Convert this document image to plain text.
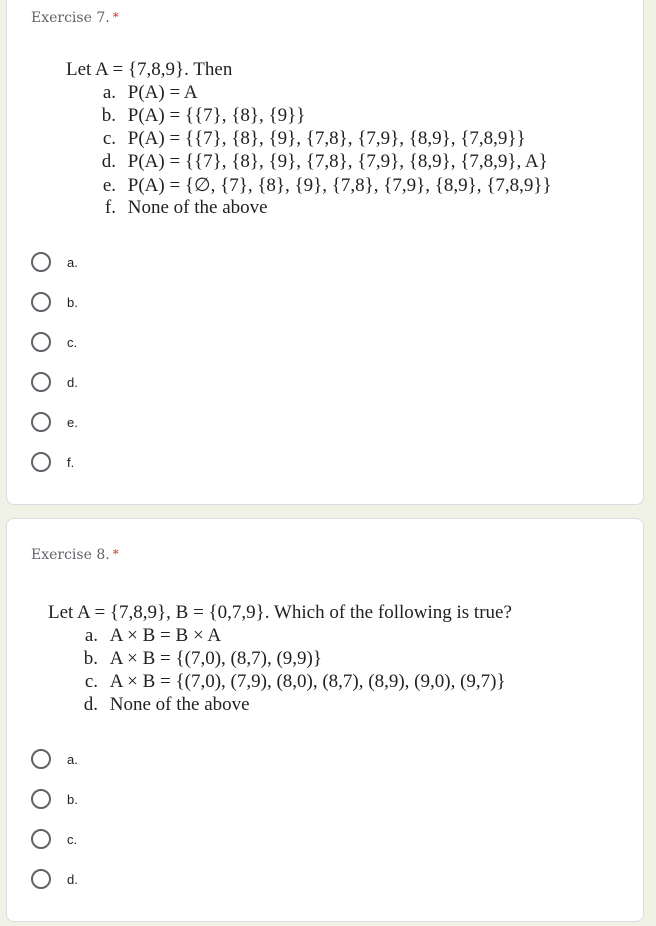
Exercise 7. *
Let A = {7,8,9}. Then
a. P(A) = A
b. P(A) = {{7}, {8}, {9}}
c. P(A) = {{7}, {8}, {9}, {7,8}, {7,9}, {8,9}, {7,8,9}}
d. P(A) = {{7}, {8}, {9}, {7,8}, {7,9}, {8,9}, {7,8,9}, A}
e. P(A) = {∅, {7}, {8}, {9}, {7,8}, {7,9}, {8,9}, {7,8,9}}
f. None of the above
a.
b.
c.
d.
e.
f.
Exercise 8. *
Let A = {7,8,9}, B = {0,7,9}. Which of the following is true?
a. A × B = B × A
b. A × B = {(7,0), (8,7), (9,9)}
c. A × B = {(7,0), (7,9), (8,0), (8,7), (8,9), (9,0), (9,7)}
d. None of the above
a.
b.
c.
d.
